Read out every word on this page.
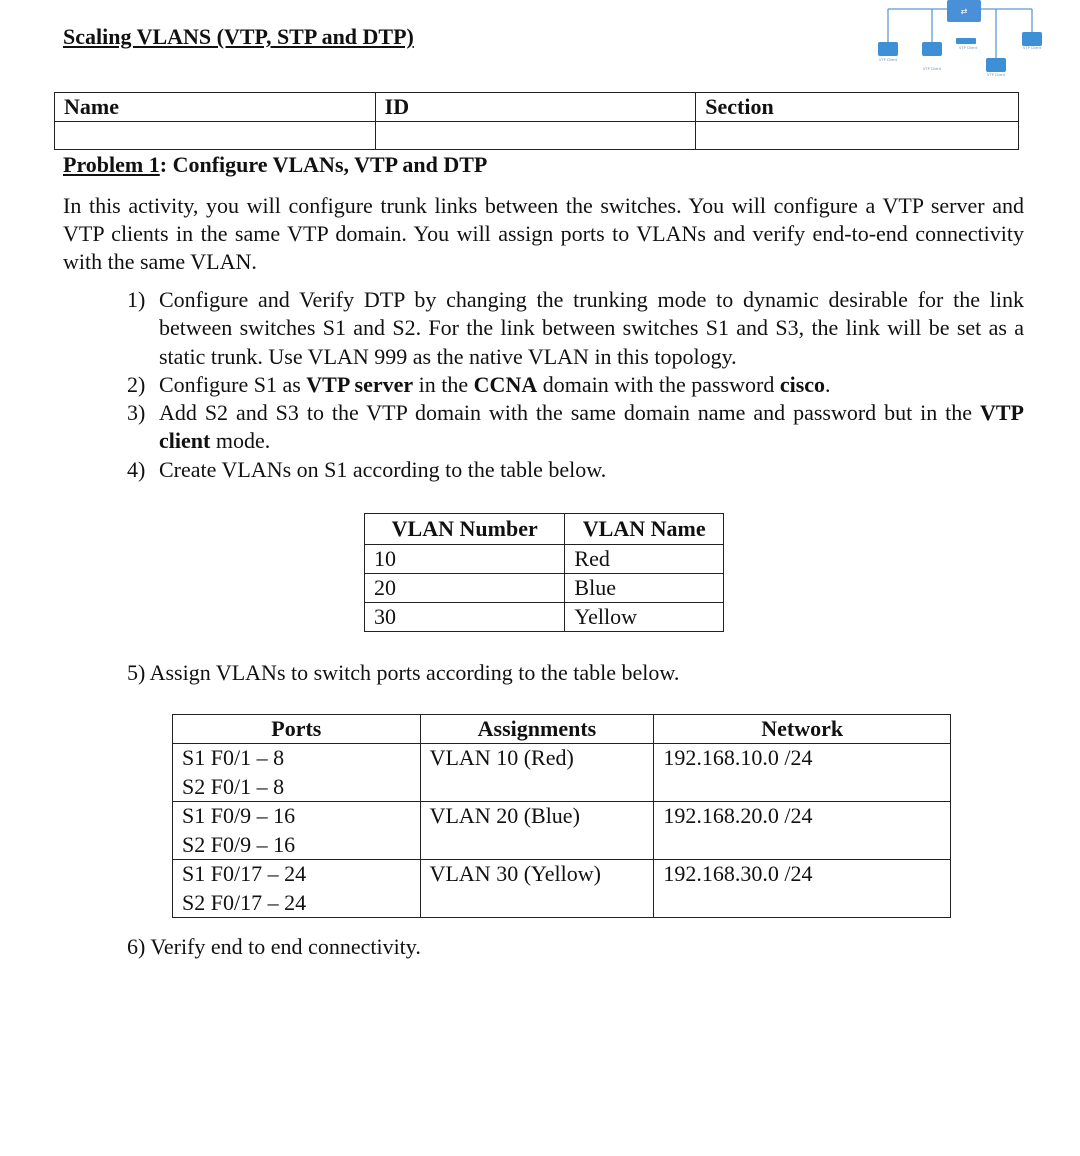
Scaling VLANS (VTP, STP and DTP)
⇄
VTP Client
VTP Client
VTP Client
VTP Client
VTP Client
Name	ID	Section

Problem 1: Configure VLANs, VTP and DTP
In this activity, you will configure trunk links between the switches. You will configure a VTP server and VTP clients in the same VTP domain. You will assign ports to VLANs and verify end-to-end connectivity with the same VLAN.
1) Configure and Verify DTP by changing the trunking mode to dynamic desirable for the link between switches S1 and S2. For the link between switches S1 and S3, the link will be set as a static trunk. Use VLAN 999 as the native VLAN in this topology.
2) Configure S1 as VTP server in the CCNA domain with the password cisco.
3) Add S2 and S3 to the VTP domain with the same domain name and password but in the VTP client mode.
4) Create VLANs on S1 according to the table below.
VLAN Number	VLAN Name
10	Red
20	Blue
30	Yellow
5) Assign VLANs to switch ports according to the table below.
Ports	Assignments	Network

S1 F0/1 – 8
S2 F0/1 – 8	VLAN 10 (Red)	192.168.10.0 /24

S1 F0/9 – 16
S2 F0/9 – 16	VLAN 20 (Blue)	192.168.20.0 /24

S1 F0/17 – 24
S2 F0/17 – 24	VLAN 30 (Yellow)	192.168.30.0 /24
6) Verify end to end connectivity.
